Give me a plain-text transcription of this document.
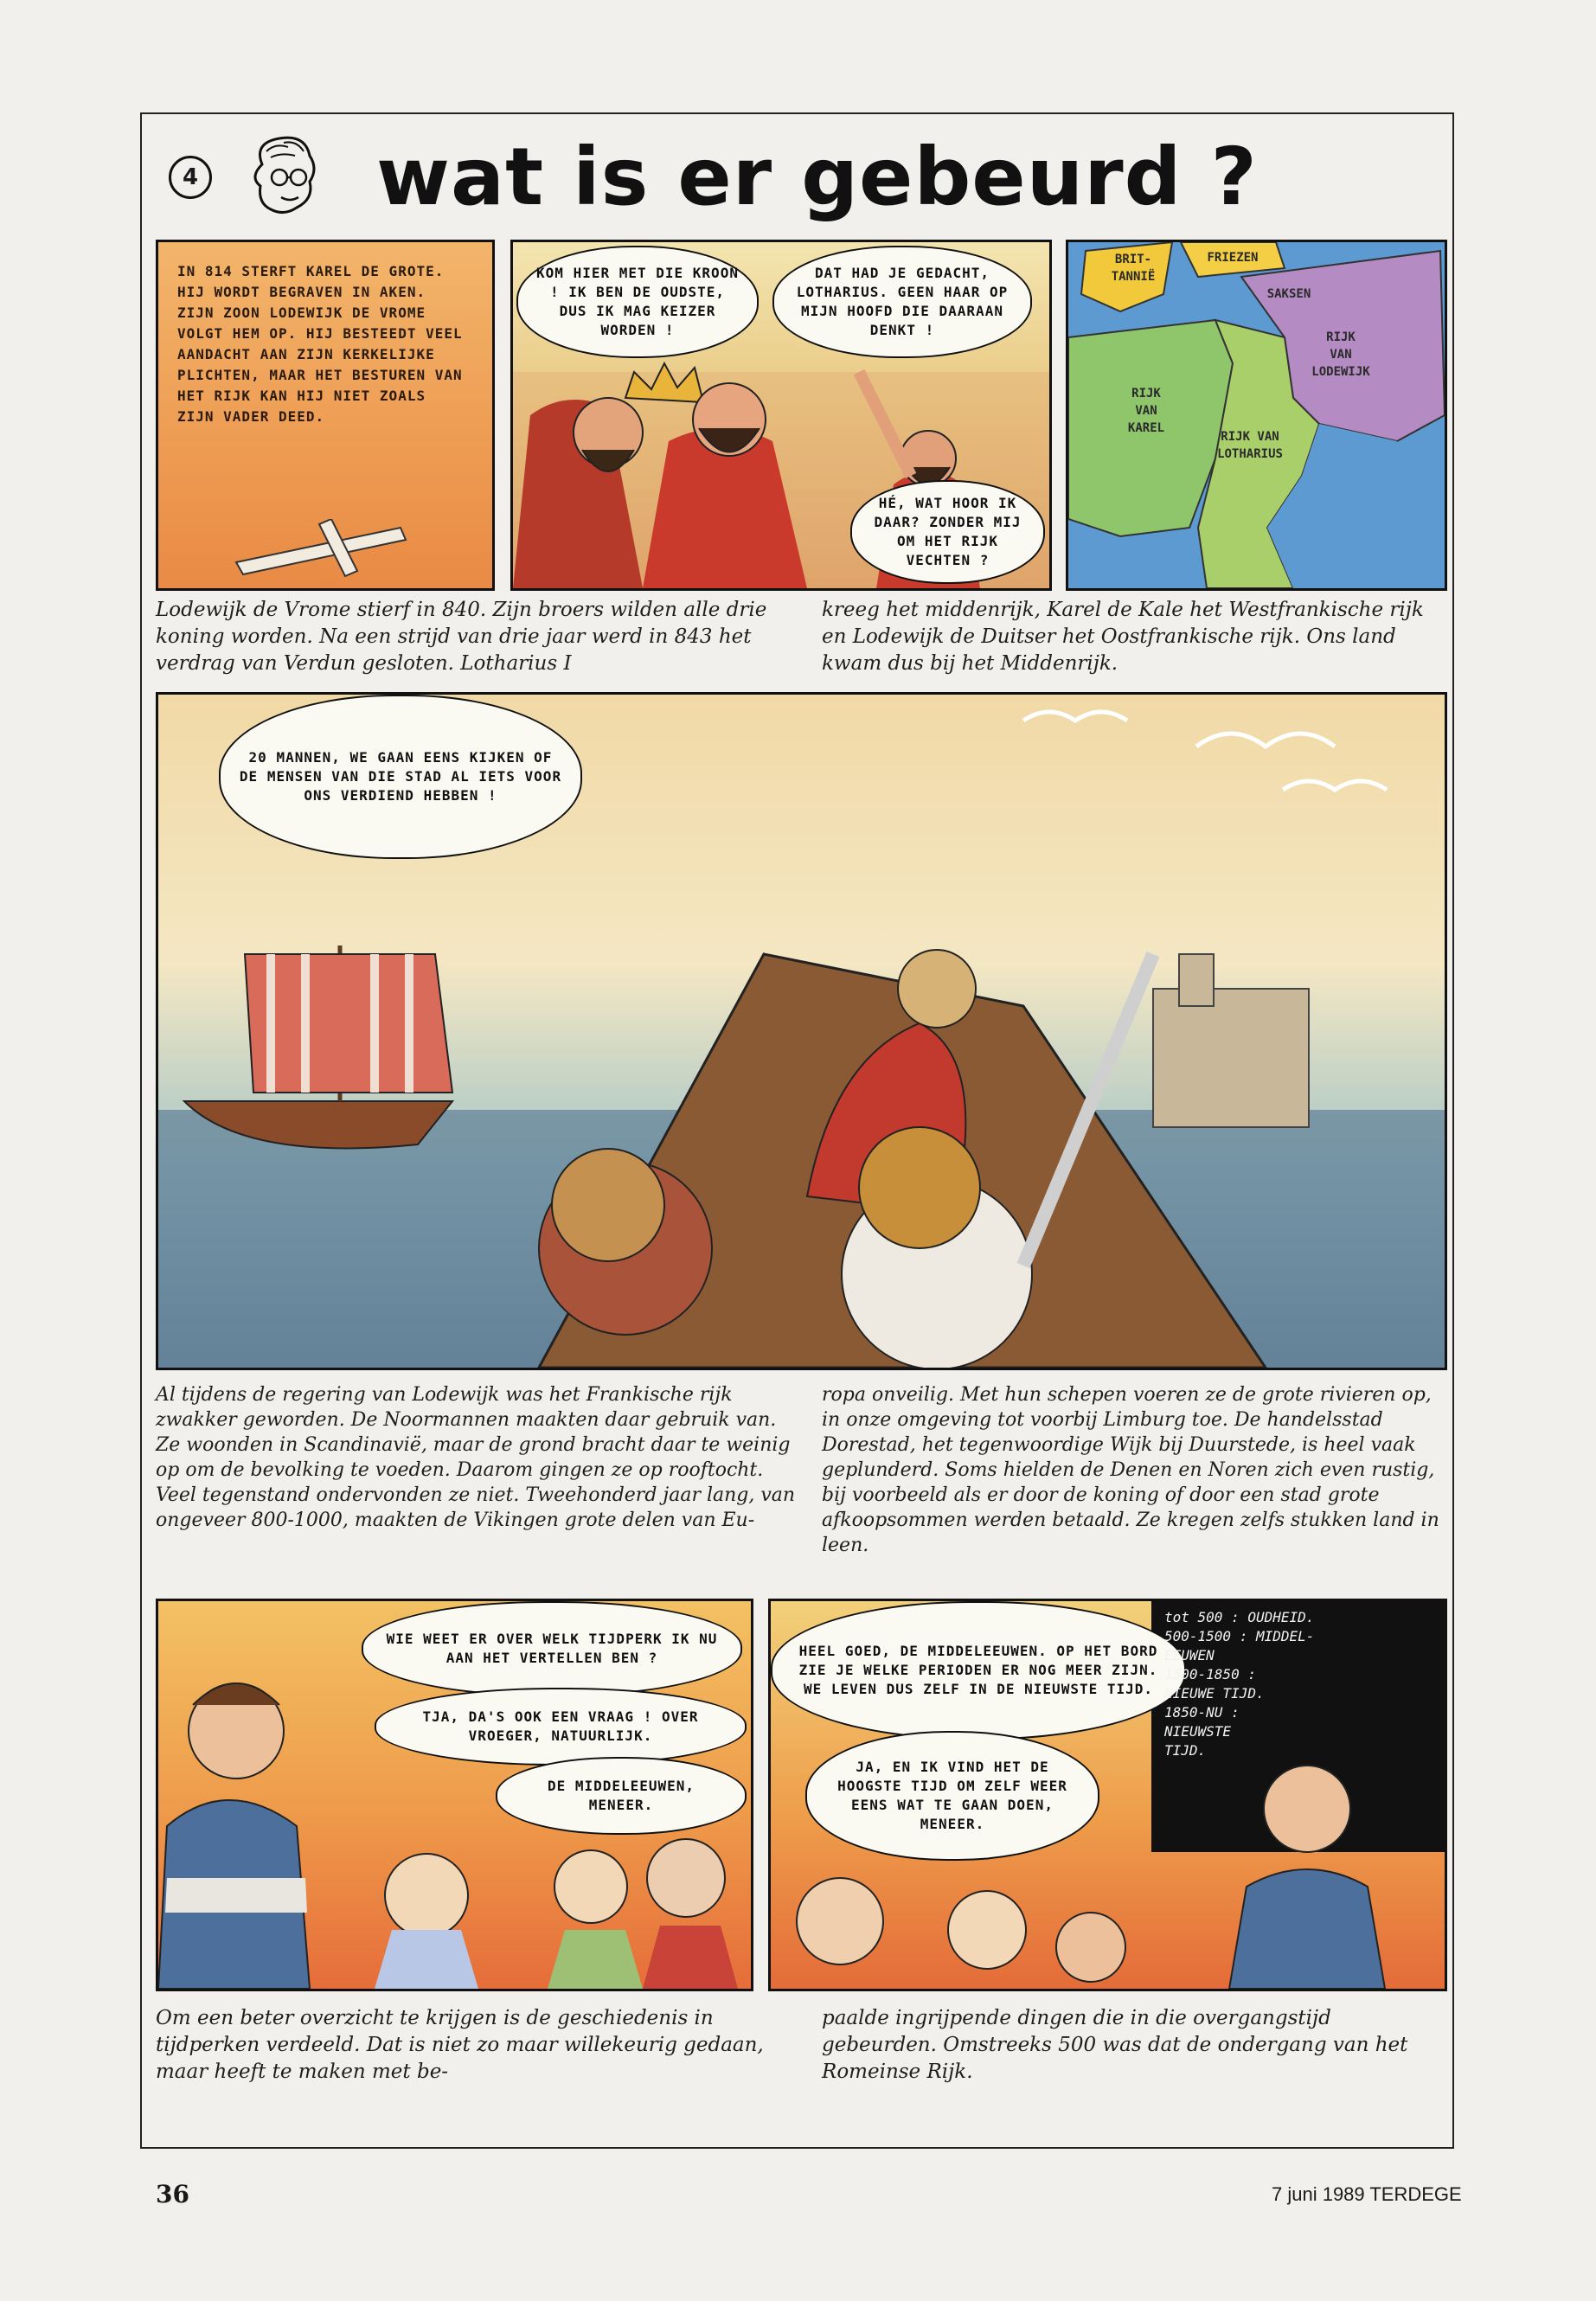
4 wat is er gebeurd ?
IN 814 STERFT KAREL DE GROTE. HIJ WORDT BEGRAVEN IN AKEN. ZIJN ZOON LODEWIJK DE VROME VOLGT HEM OP. HIJ BESTEEDT VEEL AANDACHT AAN ZIJN KERKELIJKE PLICHTEN, MAAR HET BESTUREN VAN HET RIJK KAN HIJ NIET ZOALS ZIJN VADER DEED.
KOM HIER MET DIE KROON ! IK BEN DE OUDSTE, DUS IK MAG KEIZER WORDEN !
DAT HAD JE GEDACHT, LOTHARIUS. GEEN HAAR OP MIJN HOOFD DIE DAARAAN DENKT !
HÉ, WAT HOOR IK DAAR? ZONDER MIJ OM HET RIJK VECHTEN ?
BRIT-
TANNIË
FRIEZEN
SAKSEN
RIJK
VAN
LODEWIJK
RIJK
VAN
KAREL
RIJK VAN
LOTHARIUS
Lodewijk de Vrome stierf in 840. Zijn broers wilden alle drie koning worden. Na een strijd van drie jaar werd in 843 het verdrag van Verdun gesloten. Lotharius I
kreeg het middenrijk, Karel de Kale het Westfrankische rijk en Lodewijk de Duitser het Oostfrankische rijk. Ons land kwam dus bij het Middenrijk.
20 MANNEN, WE GAAN EENS KIJKEN OF DE MENSEN VAN DIE STAD AL IETS VOOR ONS VERDIEND HEBBEN !
Al tijdens de regering van Lodewijk was het Frankische rijk zwakker geworden. De Noormannen maakten daar gebruik van. Ze woonden in Scandinavië, maar de grond bracht daar te weinig op om de bevolking te voeden. Daarom gingen ze op rooftocht. Veel tegenstand ondervonden ze niet. Tweehonderd jaar lang, van ongeveer 800-1000, maakten de Vikingen grote delen van Eu-
ropa onveilig. Met hun schepen voeren ze de grote rivieren op, in onze omgeving tot voorbij Limburg toe. De handelsstad Dorestad, het tegenwoordige Wijk bij Duurstede, is heel vaak geplunderd. Soms hielden de Denen en Noren zich even rustig, bij voorbeeld als er door de koning of door een stad grote afkoopsommen werden betaald. Ze kregen zelfs stukken land in leen.
WIE WEET ER OVER WELK TIJDPERK IK NU AAN HET VERTELLEN BEN ?
TJA, DA'S OOK EEN VRAAG ! OVER VROEGER, NATUURLIJK.
DE MIDDELEEUWEN, MENEER.
HEEL GOED, DE MIDDELEEUWEN. OP HET BORD ZIE JE WELKE PERIODEN ER NOG MEER ZIJN. WE LEVEN DUS ZELF IN DE NIEUWSTE TIJD.
JA, EN IK VIND HET DE HOOGSTE TIJD OM ZELF WEER EENS WAT TE GAAN DOEN, MENEER.
tot 500 : OUDHEID.
500-1500 : MIDDEL-
EEUWEN
1500-1850 :
NIEUWE TIJD.
1850-NU :
NIEUWSTE
TIJD.
Om een beter overzicht te krijgen is de geschiedenis in tijdperken verdeeld. Dat is niet zo maar willekeurig gedaan, maar heeft te maken met be-
paalde ingrijpende dingen die in die overgangstijd gebeurden. Omstreeks 500 was dat de ondergang van het Romeinse Rijk.
36	7 juni 1989 TERDEGE
